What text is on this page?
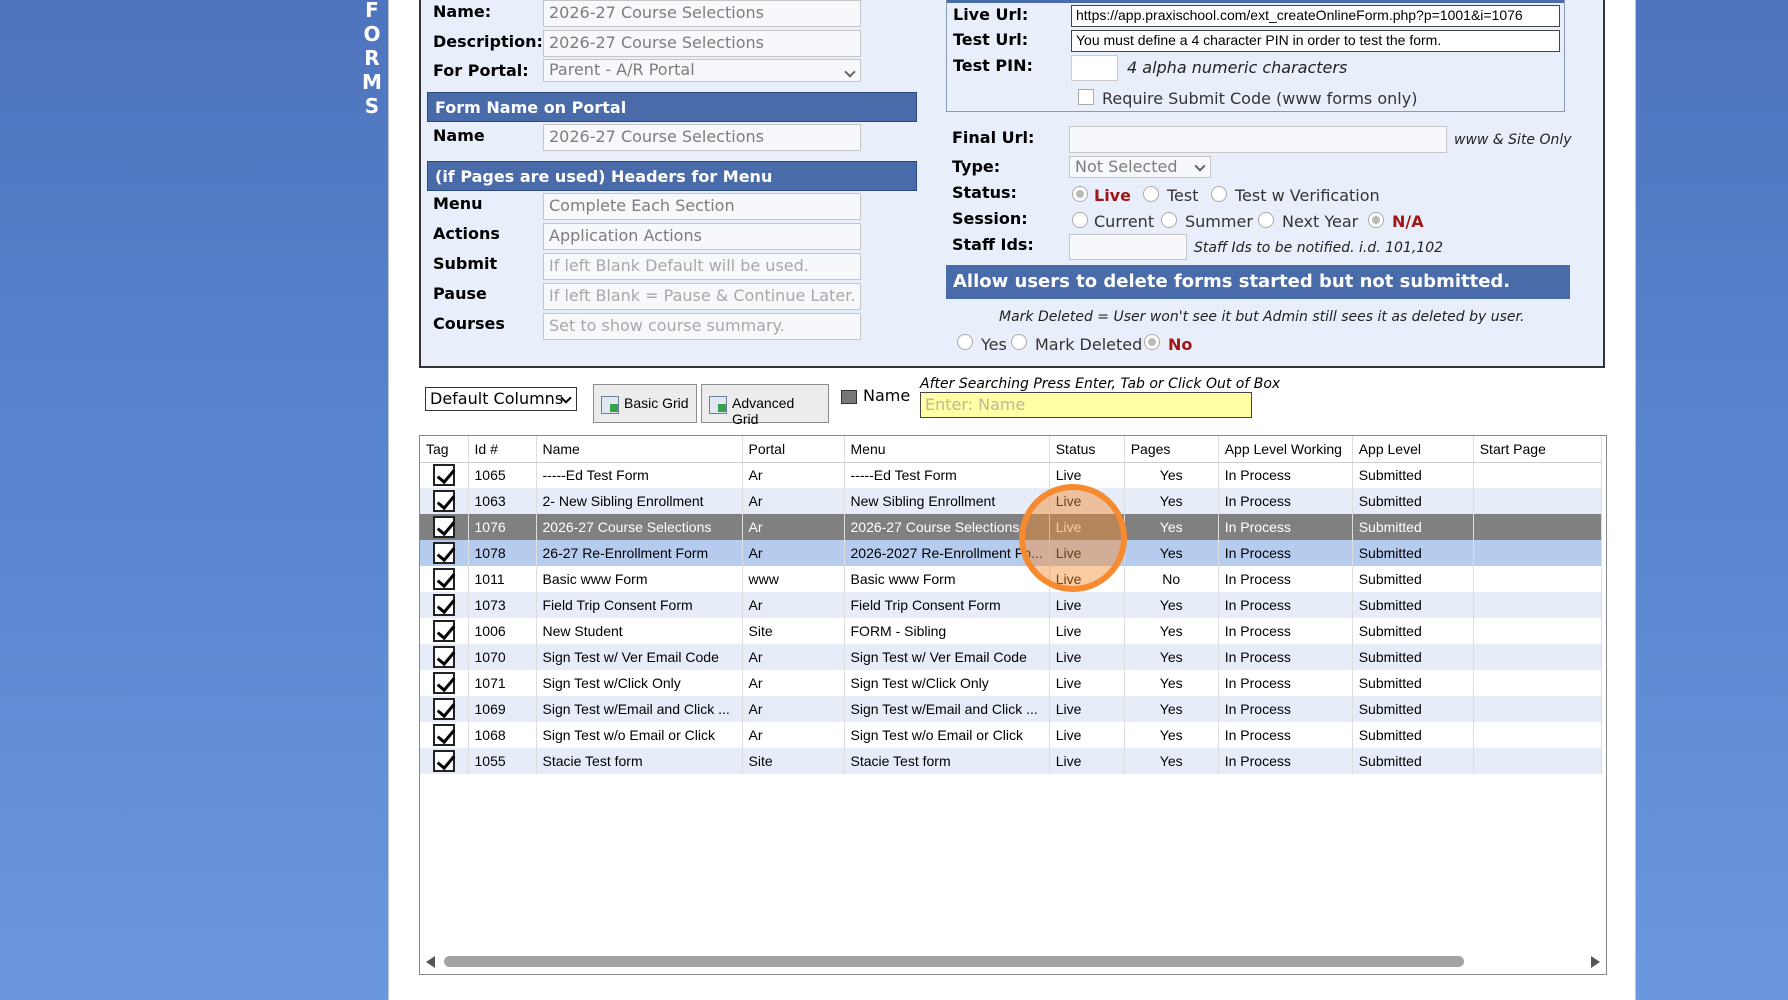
F
O
R
M
S
Name:	2026-27 Course Selections
Description: 2026-27 Course Selections
For Portal:	Parent - A/R Portal
Form Name on Portal
Name	2026-27 Course Selections
(if Pages are used) Headers for Menu
Menu	Complete Each Section
Actions	Application Actions
Submit	If left Blank Default will be used.
Pause	If left Blank = Pause & Continue Later.
Courses	Set to show course summary.
Live Url:	https://app.praxischool.com/ext_createOnlineForm.php?p=1001&i=1076
Test Url:	You must define a 4 character PIN in order to test the form.
Test PIN:	4 alpha numeric characters
Require Submit Code (www forms only)
Final Url:	www & Site Only
Type:	Not Selected
Status:	Live Test Test w Verification
Session:	Current Summer Next Year N/A
Staff Ids:	Staff Ids to be notified. i.d. 101,102
Allow users to delete forms started but not submitted.
Mark Deleted = User won't see it but Admin still sees it as deleted by user.
Yes Mark Deleted No
Default Columns	Basic Grid	Advanced Grid
Name
After Searching Press Enter, Tab or Click Out of Box
Enter: Name
Tag	Id #	Name	Portal	Menu	Status	Pages	App Level Working	App Level	Start Page
	1065	-----Ed Test Form	Ar	-----Ed Test Form	Live	Yes	In Process	Submitted	
	1063	2- New Sibling Enrollment	Ar	New Sibling Enrollment	Live	Yes	In Process	Submitted	
	1076	2026-27 Course Selections	Ar	2026-27 Course Selections	Live	Yes	In Process	Submitted	
	1078	26-27 Re-Enrollment Form	Ar	2026-2027 Re-Enrollment Fo...	Live	Yes	In Process	Submitted	
	1011	Basic www Form	www	Basic www Form	Live	No	In Process	Submitted	
	1073	Field Trip Consent Form	Ar	Field Trip Consent Form	Live	Yes	In Process	Submitted	
	1006	New Student	Site	FORM - Sibling	Live	Yes	In Process	Submitted	
	1070	Sign Test w/ Ver Email Code	Ar	Sign Test w/ Ver Email Code	Live	Yes	In Process	Submitted	
	1071	Sign Test w/Click Only	Ar	Sign Test w/Click Only	Live	Yes	In Process	Submitted	
	1069	Sign Test w/Email and Click ...	Ar	Sign Test w/Email and Click ...	Live	Yes	In Process	Submitted	
	1068	Sign Test w/o Email or Click	Ar	Sign Test w/o Email or Click	Live	Yes	In Process	Submitted	
	1055	Stacie Test form	Site	Stacie Test form	Live	Yes	In Process	Submitted	
